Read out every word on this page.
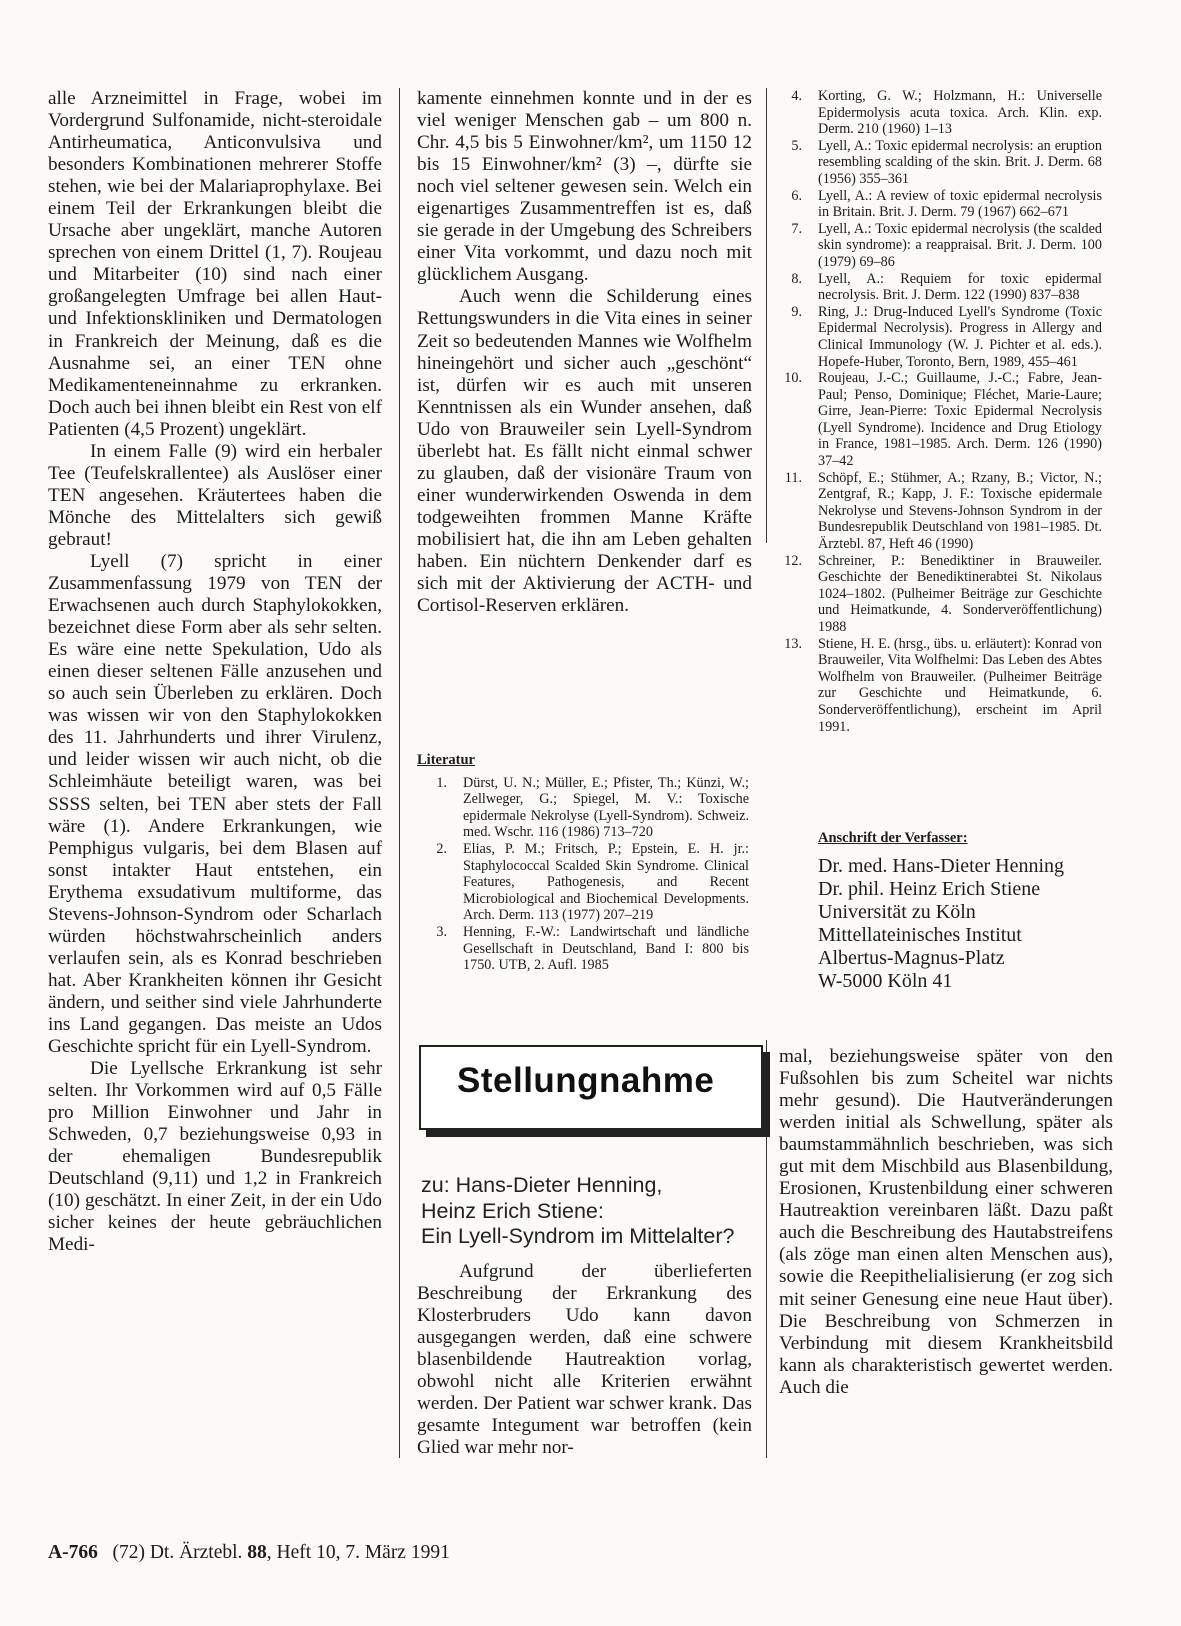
alle Arzneimittel in Frage, wobei im Vordergrund Sulfonamide, nicht-steroidale Antirheumatica, Anticonvulsiva und besonders Kombinationen mehrerer Stoffe stehen, wie bei der Malariaprophylaxe. Bei einem Teil der Erkrankungen bleibt die Ursache aber ungeklärt, manche Autoren sprechen von einem Drittel (1, 7). Roujeau und Mitarbeiter (10) sind nach einer großangelegten Umfrage bei allen Haut- und Infektionskliniken und Dermatologen in Frankreich der Meinung, daß es die Ausnahme sei, an einer TEN ohne Medikamenteneinnahme zu erkranken. Doch auch bei ihnen bleibt ein Rest von elf Patienten (4,5 Prozent) ungeklärt.

In einem Falle (9) wird ein herbaler Tee (Teufelskrallentee) als Auslöser einer TEN angesehen. Kräutertees haben die Mönche des Mittelalters sich gewiß gebraut!

Lyell (7) spricht in einer Zusammenfassung 1979 von TEN der Erwachsenen auch durch Staphylokokken, bezeichnet diese Form aber als sehr selten. Es wäre eine nette Spekulation, Udo als einen dieser seltenen Fälle anzusehen und so auch sein Überleben zu erklären. Doch was wissen wir von den Staphylokokken des 11. Jahrhunderts und ihrer Virulenz, und leider wissen wir auch nicht, ob die Schleimhäute beteiligt waren, was bei SSSS selten, bei TEN aber stets der Fall wäre (1). Andere Erkrankungen, wie Pemphigus vulgaris, bei dem Blasen auf sonst intakter Haut entstehen, ein Erythema exsudativum multiforme, das Stevens-Johnson-Syndrom oder Scharlach würden höchstwahrscheinlich anders verlaufen sein, als es Konrad beschrieben hat. Aber Krankheiten können ihr Gesicht ändern, und seither sind viele Jahrhunderte ins Land gegangen. Das meiste an Udos Geschichte spricht für ein Lyell-Syndrom.

Die Lyellsche Erkrankung ist sehr selten. Ihr Vorkommen wird auf 0,5 Fälle pro Million Einwohner und Jahr in Schweden, 0,7 beziehungsweise 0,93 in der ehemaligen Bundesrepublik Deutschland (9,11) und 1,2 in Frankreich (10) geschätzt. In einer Zeit, in der ein Udo sicher keines der heute gebräuchlichen Medi-

kamente einnehmen konnte und in der es viel weniger Menschen gab – um 800 n. Chr. 4,5 bis 5 Einwohner/km², um 1150 12 bis 15 Einwohner/km² (3) –, dürfte sie noch viel seltener gewesen sein. Welch ein eigenartiges Zusammentreffen ist es, daß sie gerade in der Umgebung des Schreibers einer Vita vorkommt, und dazu noch mit glücklichem Ausgang.

Auch wenn die Schilderung eines Rettungswunders in die Vita eines in seiner Zeit so bedeutenden Mannes wie Wolfhelm hineingehört und sicher auch „geschönt“ ist, dürfen wir es auch mit unseren Kenntnissen als ein Wunder ansehen, daß Udo von Brauweiler sein Lyell-Syndrom überlebt hat. Es fällt nicht einmal schwer zu glauben, daß der visionäre Traum von einer wunderwirkenden Oswenda in dem todgeweihten frommen Manne Kräfte mobilisiert hat, die ihn am Leben gehalten haben. Ein nüchtern Denkender darf es sich mit der Aktivierung der ACTH- und Cortisol-Reserven erklären.

Literatur
1. Dürst, U. N.; Müller, E.; Pfister, Th.; Künzi, W.; Zellweger, G.; Spiegel, M. V.: Toxische epidermale Nekrolyse (Lyell-Syndrom). Schweiz. med. Wschr. 116 (1986) 713–720
2. Elias, P. M.; Fritsch, P.; Epstein, E. H. jr.: Staphylococcal Scalded Skin Syndrome. Clinical Features, Pathogenesis, and Recent Microbiological and Biochemical Developments. Arch. Derm. 113 (1977) 207–219
3. Henning, F.-W.: Landwirtschaft und ländliche Gesellschaft in Deutschland, Band I: 800 bis 1750. UTB, 2. Aufl. 1985
4. Korting, G. W.; Holzmann, H.: Universelle Epidermolysis acuta toxica. Arch. Klin. exp. Derm. 210 (1960) 1–13
5. Lyell, A.: Toxic epidermal necrolysis: an eruption resembling scalding of the skin. Brit. J. Derm. 68 (1956) 355–361
6. Lyell, A.: A review of toxic epidermal necrolysis in Britain. Brit. J. Derm. 79 (1967) 662–671
7. Lyell, A.: Toxic epidermal necrolysis (the scalded skin syndrome): a reappraisal. Brit. J. Derm. 100 (1979) 69–86
8. Lyell, A.: Requiem for toxic epidermal necrolysis. Brit. J. Derm. 122 (1990) 837–838
9. Ring, J.: Drug-Induced Lyell's Syndrome (Toxic Epidermal Necrolysis). Progress in Allergy and Clinical Immunology (W. J. Pichter et al. eds.). Hopefe-Huber, Toronto, Bern, 1989, 455–461
10. Roujeau, J.-C.; Guillaume, J.-C.; Fabre, Jean-Paul; Penso, Dominique; Fléchet, Marie-Laure; Girre, Jean-Pierre: Toxic Epidermal Necrolysis (Lyell Syndrome). Incidence and Drug Etiology in France, 1981–1985. Arch. Derm. 126 (1990) 37–42
11. Schöpf, E.; Stühmer, A.; Rzany, B.; Victor, N.; Zentgraf, R.; Kapp, J. F.: Toxische epidermale Nekrolyse und Stevens-Johnson Syndrom in der Bundesrepublik Deutschland von 1981–1985. Dt. Ärztebl. 87, Heft 46 (1990)
12. Schreiner, P.: Benediktiner in Brauweiler. Geschichte der Benediktinerabtei St. Nikolaus 1024–1802. (Pulheimer Beiträge zur Geschichte und Heimatkunde, 4. Sonderveröffentlichung) 1988
13. Stiene, H. E. (hrsg., übs. u. erläutert): Konrad von Brauweiler, Vita Wolfhelmi: Das Leben des Abtes Wolfhelm von Brauweiler. (Pulheimer Beiträge zur Geschichte und Heimatkunde, 6. Sonderveröffentlichung), erscheint im April 1991.
Anschrift der Verfasser:

Dr. med. Hans-Dieter Henning

Dr. phil. Heinz Erich Stiene

Universität zu Köln

Mittellateinisches Institut

Albertus-Magnus-Platz

W-5000 Köln 41

Stellungnahme

zu: Hans-Dieter Henning,

Heinz Erich Stiene:

Ein Lyell-Syndrom im Mittelalter?

Aufgrund der überlieferten Beschreibung der Erkrankung des Klosterbruders Udo kann davon ausgegangen werden, daß eine schwere blasenbildende Hautreaktion vorlag, obwohl nicht alle Kriterien erwähnt werden. Der Patient war schwer krank. Das gesamte Integument war betroffen (kein Glied war mehr nor-

mal, beziehungsweise später von den Fußsohlen bis zum Scheitel war nichts mehr gesund). Die Hautveränderungen werden initial als Schwellung, später als baumstammähnlich beschrieben, was sich gut mit dem Mischbild aus Blasenbildung, Erosionen, Krustenbildung einer schweren Hautreaktion vereinbaren läßt. Dazu paßt auch die Beschreibung des Hautabstreifens (als zöge man einen alten Menschen aus), sowie die Reepithelialisierung (er zog sich mit seiner Genesung eine neue Haut über). Die Beschreibung von Schmerzen in Verbindung mit diesem Krankheitsbild kann als charakteristisch gewertet werden. Auch die

A-766 (72) Dt. Ärztebl. 88, Heft 10, 7. März 1991
